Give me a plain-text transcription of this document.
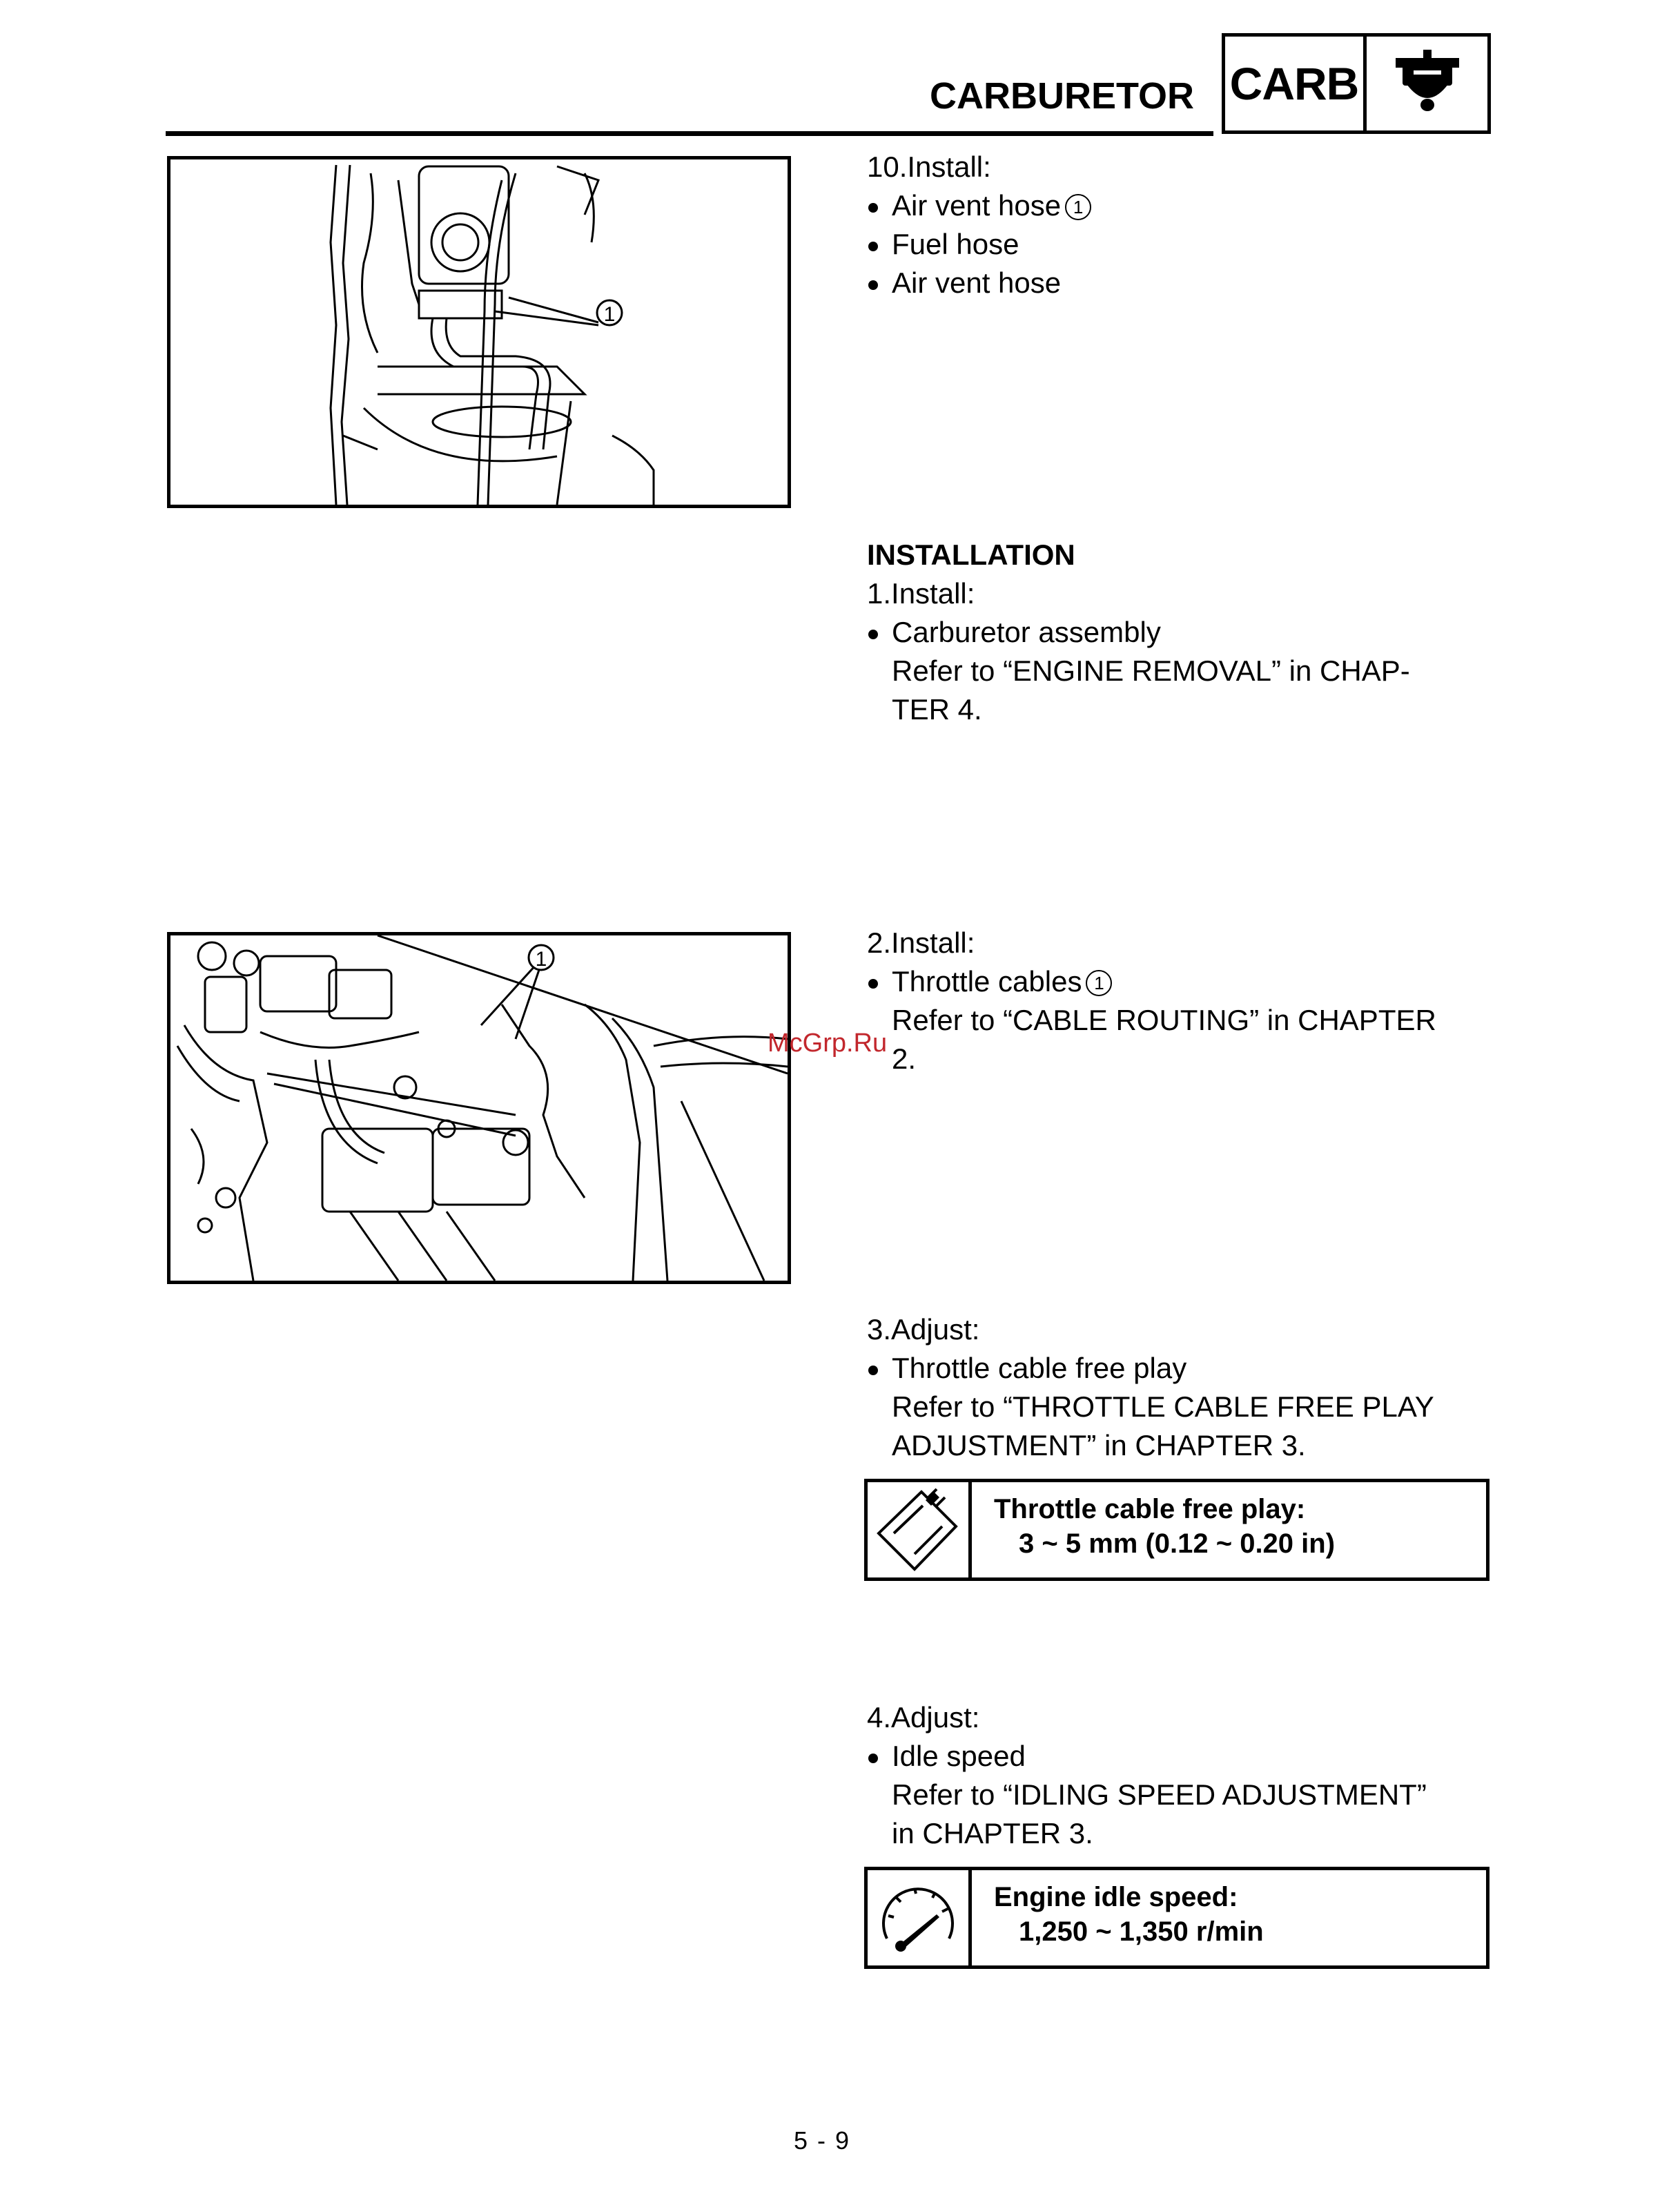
CARBURETOR CARB
1
1

10.Install:

Air vent hose 1

Fuel hose

Air vent hose

INSTALLATION

1.Install:

Carburetor assembly

Refer to “ENGINE REMOVAL” in CHAP-

TER 4.

2.Install:

Throttle cables 1

Refer to “CABLE ROUTING” in CHAPTER

2.

McGrp.Ru

3.Adjust:

Throttle cable free play

Refer to “THROTTLE CABLE FREE PLAY

ADJUSTMENT” in CHAPTER 3.

Throttle cable free play:
3 ~ 5 mm (0.12 ~ 0.20 in)

4.Adjust:

Idle speed

Refer to “IDLING SPEED ADJUSTMENT”

in CHAPTER 3.

Engine idle speed:
1,250 ~ 1,350 r/min
5 - 9
